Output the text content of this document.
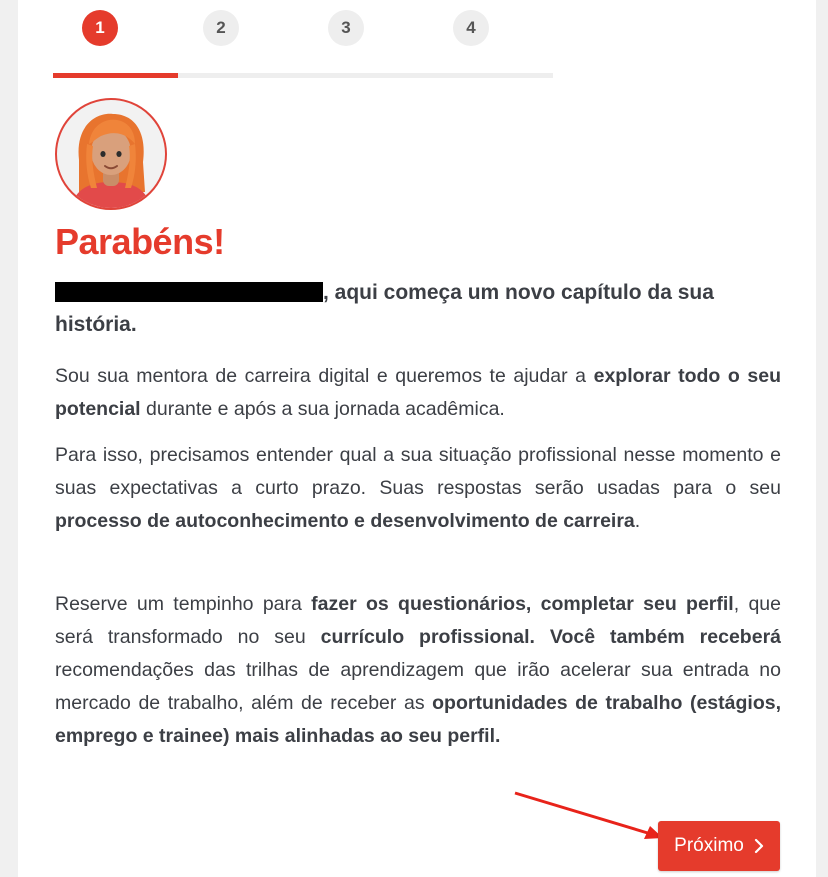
1	2	3	4
Parabéns!

, aqui começa um novo capítulo da sua história.

Sou sua mentora de carreira digital e queremos te ajudar a explorar todo o seu potencial durante e após a sua jornada acadêmica.

Para isso, precisamos entender qual a sua situação profissional nesse momento e suas expectativas a curto prazo. Suas respostas serão usadas para o seu processo de autoconhecimento e desenvolvimento de carreira.

Reserve um tempinho para fazer os questionários, completar seu perfil, que será transformado no seu currículo profissional. Você também receberá recomendações das trilhas de aprendizagem que irão acelerar sua entrada no mercado de trabalho, além de receber as oportunidades de trabalho (estágios, emprego e trainee) mais alinhadas ao seu perfil.

Próximo
